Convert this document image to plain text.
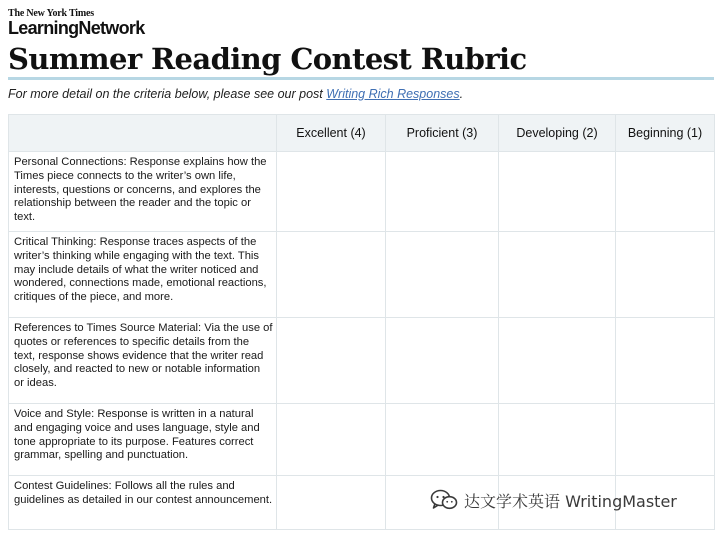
The New York Times
LearningNetwork
Summer Reading Contest Rubric
For more detail on the criteria below, please see our post Writing Rich Responses.
	Excellent (4)	Proficient (3)	Developing (2)	Beginning (1)
Personal Connections: Response explains how the Times piece connects to the writer’s own life, interests, questions or concerns, and explores the relationship between the reader and the topic or text.				
Critical Thinking: Response traces aspects of the writer’s thinking while engaging with the text. This may include details of what the writer noticed and wondered, connections made, emotional reactions, critiques of the piece, and more.				
References to Times Source Material: Via the use of quotes or references to specific details from the text, response shows evidence that the writer read closely, and reacted to new or notable information or ideas.				
Voice and Style: Response is written in a natural and engaging voice and uses language, style and tone appropriate to its purpose. Features correct grammar, spelling and punctuation.				
Contest Guidelines: Follows all the rules and guidelines as detailed in our contest announcement.					达文学术英语 WritingMaster
